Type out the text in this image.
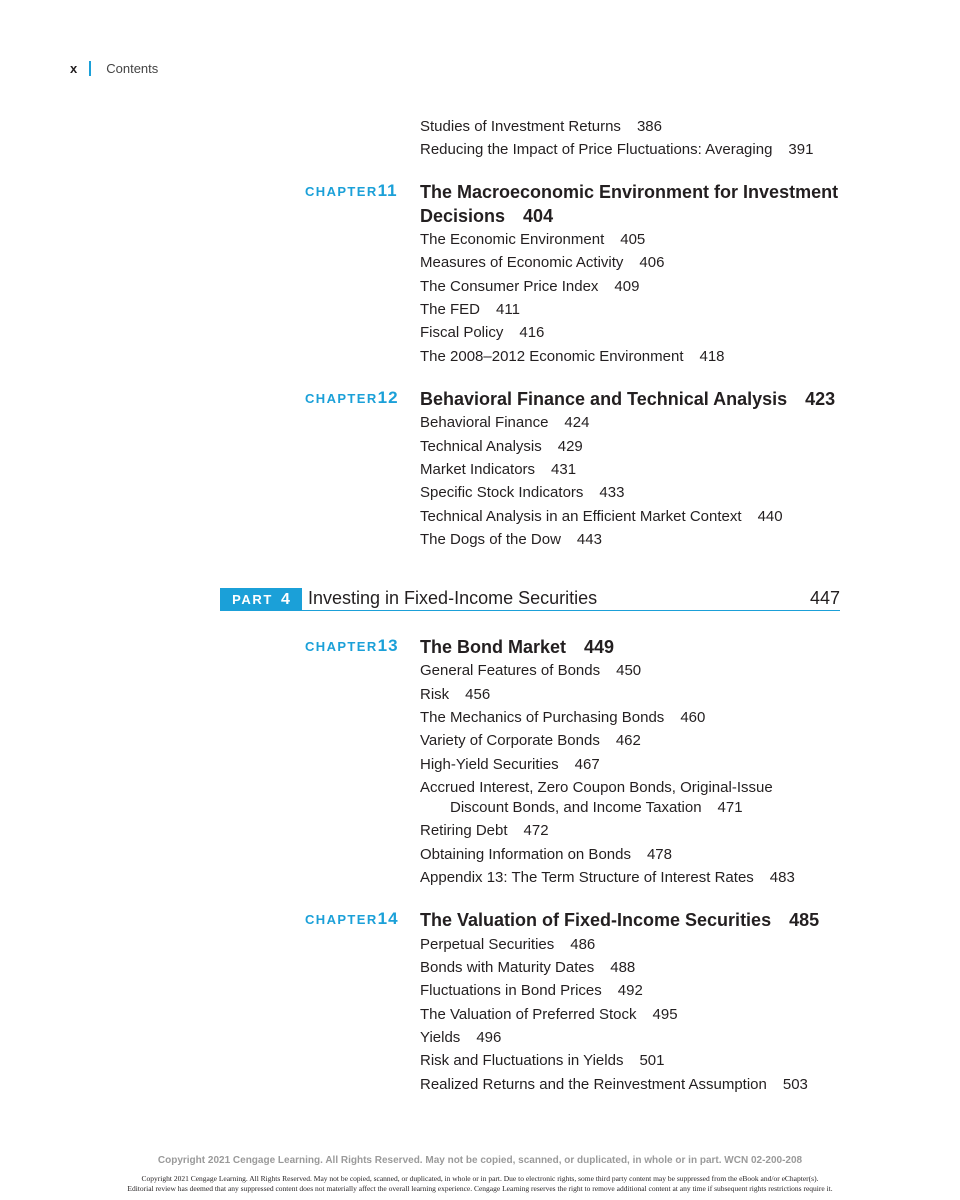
x Contents
Studies of Investment Returns 386
Reducing the Impact of Price Fluctuations: Averaging 391
CHAPTER11 The Macroeconomic Environment for Investment
Decisions 404
The Economic Environment 405
Measures of Economic Activity 406
The Consumer Price Index 409
The FED 411
Fiscal Policy 416
The 2008–2012 Economic Environment 418
CHAPTER12 Behavioral Finance and Technical Analysis 423
Behavioral Finance 424
Technical Analysis 429
Market Indicators 431
Specific Stock Indicators 433
Technical Analysis in an Efficient Market Context 440
The Dogs of the Dow 443
PART 4 Investing in Fixed-Income Securities	447
CHAPTER13 The Bond Market 449
General Features of Bonds 450
Risk 456
The Mechanics of Purchasing Bonds 460
Variety of Corporate Bonds 462
High-Yield Securities 467
Accrued Interest, Zero Coupon Bonds, Original-Issue
Discount Bonds, and Income Taxation 471
Retiring Debt 472
Obtaining Information on Bonds 478
Appendix 13: The Term Structure of Interest Rates 483
CHAPTER14 The Valuation of Fixed-Income Securities 485
Perpetual Securities 486
Bonds with Maturity Dates 488
Fluctuations in Bond Prices 492
The Valuation of Preferred Stock 495
Yields 496
Risk and Fluctuations in Yields 501
Realized Returns and the Reinvestment Assumption 503
Copyright 2021 Cengage Learning. All Rights Reserved. May not be copied, scanned, or duplicated, in whole or in part. WCN 02-200-208
Copyright 2021 Cengage Learning. All Rights Reserved. May not be copied, scanned, or duplicated, in whole or in part. Due to electronic rights, some third party content may be suppressed from the eBook and/or eChapter(s).
Editorial review has deemed that any suppressed content does not materially affect the overall learning experience. Cengage Learning reserves the right to remove additional content at any time if subsequent rights restrictions require it.
